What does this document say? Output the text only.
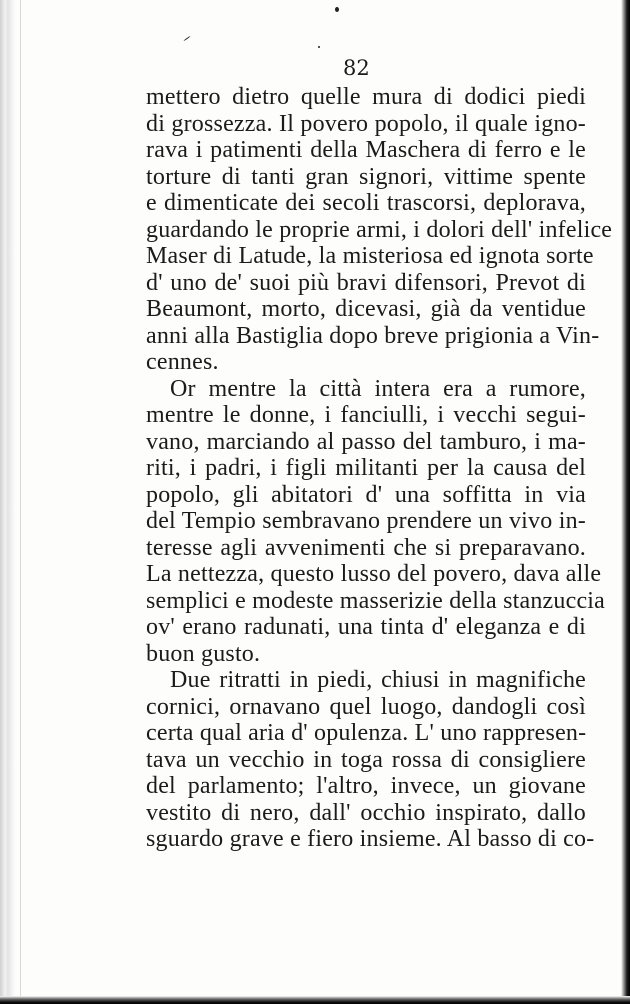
82
mettero dietro quelle mura di dodici piedi
di grossezza. Il povero popolo, il quale igno-
rava i patimenti della Maschera di ferro e le
torture di tanti gran signori, vittime spente
e dimenticate dei secoli trascorsi, deplorava,
guardando le proprie armi, i dolori dell' infelice
Maser di Latude, la misteriosa ed ignota sorte
d' uno de' suoi più bravi difensori, Prevot di
Beaumont, morto, dicevasi, già da ventidue
anni alla Bastiglia dopo breve prigionia a Vin-
cennes.
Or mentre la città intera era a rumore,
mentre le donne, i fanciulli, i vecchi segui-
vano, marciando al passo del tamburo, i ma-
riti, i padri, i figli militanti per la causa del
popolo, gli abitatori d' una soffitta in via
del Tempio sembravano prendere un vivo in-
teresse agli avvenimenti che si preparavano.
La nettezza, questo lusso del povero, dava alle
semplici e modeste masserizie della stanzuccia
ov' erano radunati, una tinta d' eleganza e di
buon gusto.
Due ritratti in piedi, chiusi in magnifiche
cornici, ornavano quel luogo, dandogli così
certa qual aria d' opulenza. L' uno rappresen-
tava un vecchio in toga rossa di consigliere
del parlamento; l'altro, invece, un giovane
vestito di nero, dall' occhio inspirato, dallo
sguardo grave e fiero insieme. Al basso di co-
